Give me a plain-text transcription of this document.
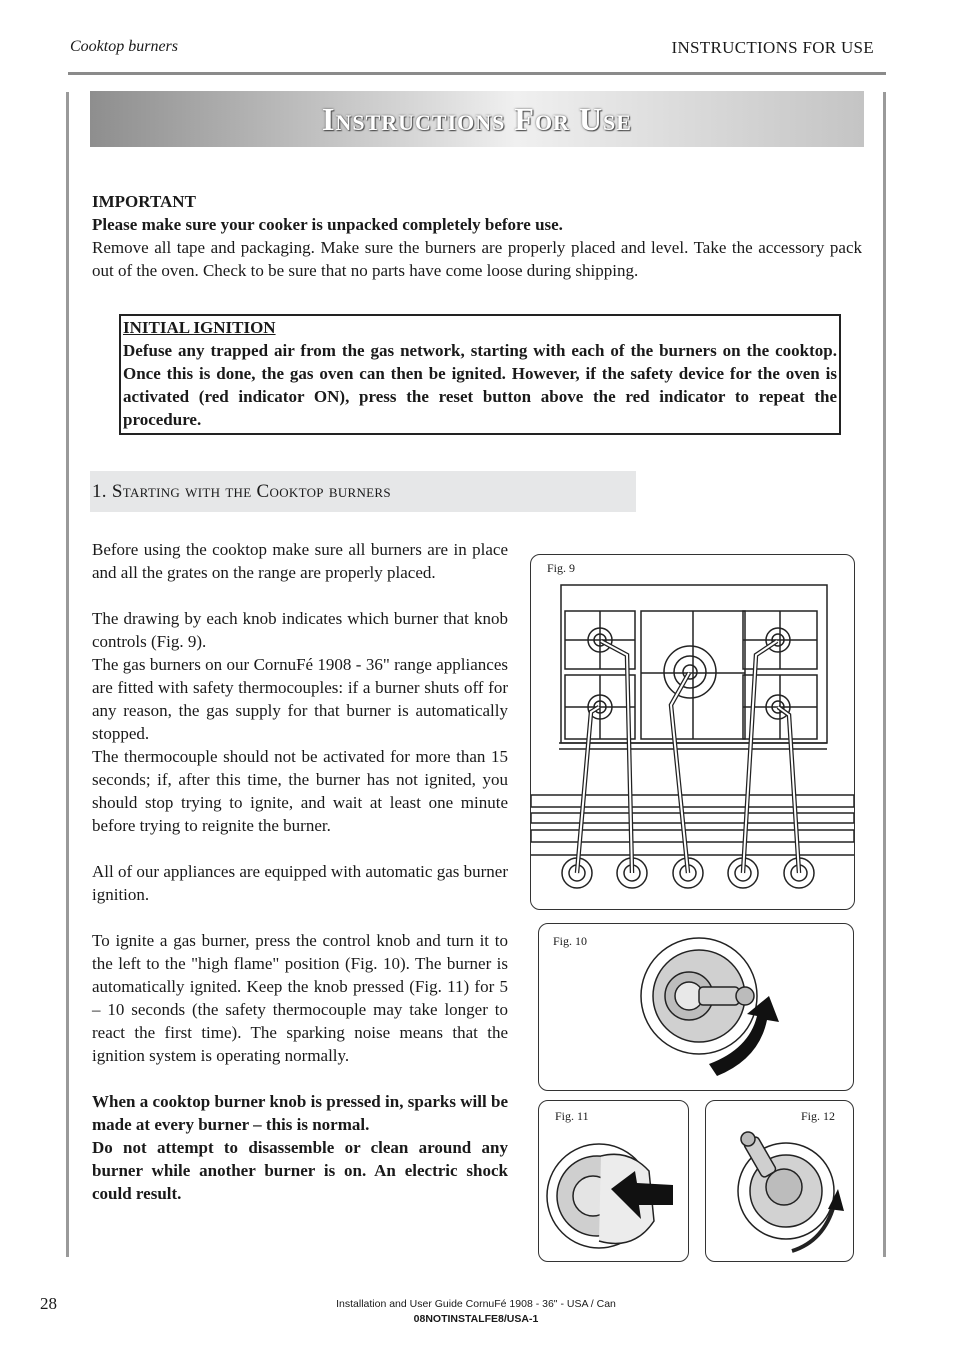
Cooktop burners	INSTRUCTIONS FOR USE
Instructions For Use

IMPORTANT

Please make sure your cooker is unpacked completely before use.

Remove all tape and packaging. Make sure the burners are properly placed and level. Take the accessory pack out of the oven. Check to be sure that no parts have come loose during shipping.

INITIAL IGNITION

Defuse any trapped air from the gas network, starting with each of the burners on the cooktop. Once this is done, the gas oven can then be ignited. However, if the safety device for the oven is activated (red indicator ON), press the reset button above the red indicator to repeat the procedure.

1. Starting with the Cooktop burners

Before using the cooktop make sure all burners are in place and all the grates on the range are properly placed.

The drawing by each knob indicates which burner that knob controls (Fig. 9).

The gas burners on our CornuFé 1908 - 36" range appliances are fitted with safety thermocouples: if a burner shuts off for any reason, the gas supply for that burner is automatically stopped.

The thermocouple should not be activated for more than 15 seconds; if, after this time, the burner has not ignited, you should stop trying to ignite, and wait at least one minute before trying to reignite the burner.

All of our appliances are equipped with automatic gas burner ignition.

To ignite a gas burner, press the control knob and turn it to the left to the "high flame" position (Fig. 10). The burner is automatically ignited. Keep the knob pressed (Fig. 11) for 5 – 10 seconds (the safety thermocouple may take longer to react the first time). The sparking noise means that the ignition system is operating normally.

When a cooktop burner knob is pressed in, sparks will be made at every burner – this is normal.

Do not attempt to disassemble or clean around any burner while another burner is on. An electric shock could result.

Fig. 9
Fig. 10
Fig. 11	Fig. 12
28	Installation and User Guide CornuFé 1908 - 36" - USA / Can
08NOTINSTALFE8/USA-1
